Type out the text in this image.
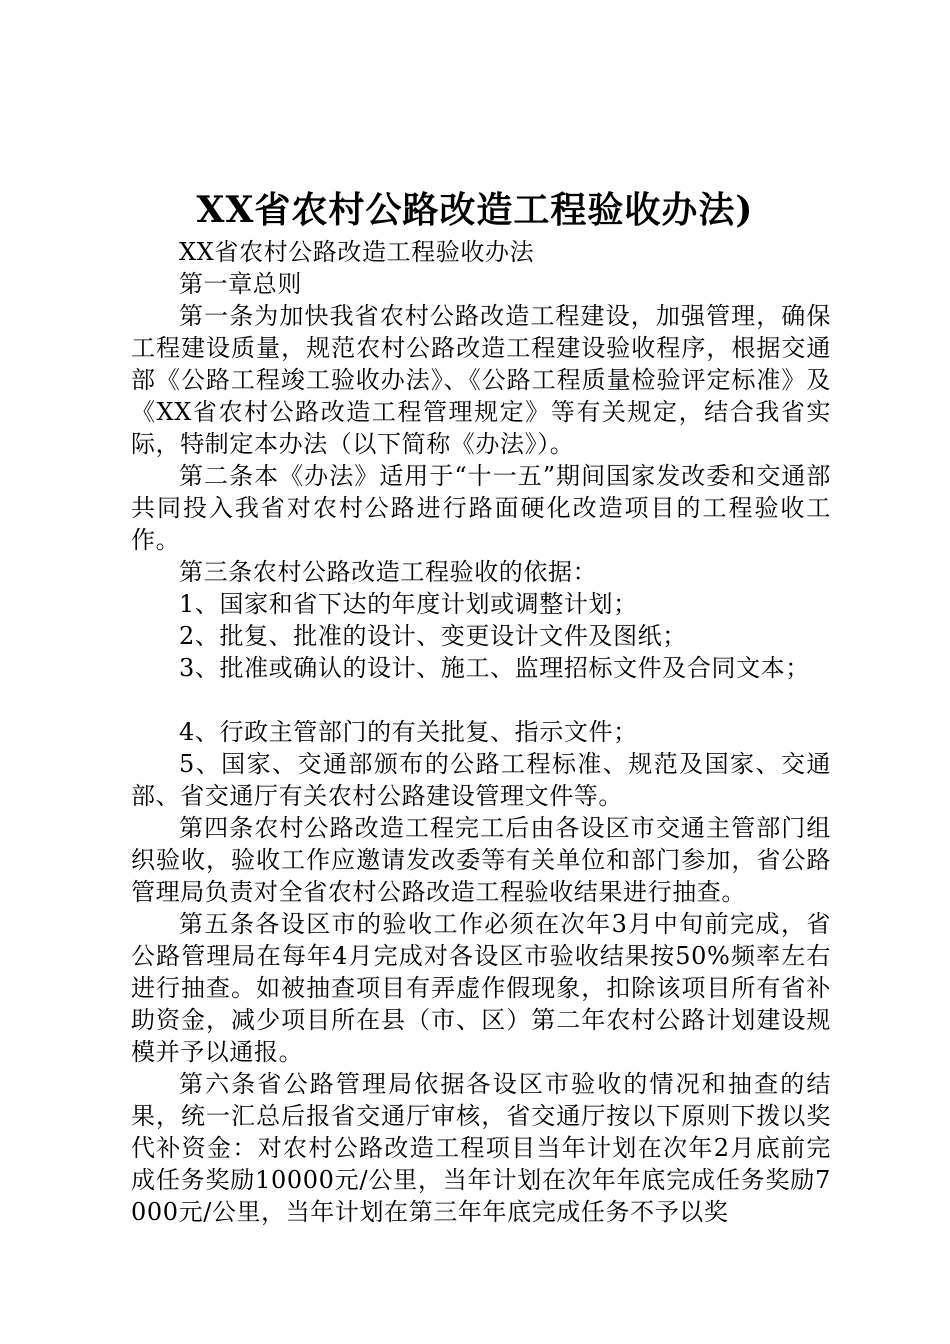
XX省农村公路改造工程验收办法)

XX省农村公路改造工程验收办法

第一章总则

第一条为加快我省农村公路改造工程建设，加强管理，确保工程建设质量，规范农村公路改造工程建设验收程序，根据交通部《公路工程竣工验收办法》、《公路工程质量检验评定标准》及《XX省农村公路改造工程管理规定》等有关规定，结合我省实际，特制定本办法（以下简称《办法》）。

第二条本《办法》适用于“十一五”期间国家发改委和交通部共同投入我省对农村公路进行路面硬化改造项目的工程验收工作。

第三条农村公路改造工程验收的依据：

1、国家和省下达的年度计划或调整计划；

2、批复、批准的设计、变更设计文件及图纸；

3、批准或确认的设计、施工、监理招标文件及合同文本；

4、行政主管部门的有关批复、指示文件；

5、国家、交通部颁布的公路工程标准、规范及国家、交通部、省交通厅有关农村公路建设管理文件等。

第四条农村公路改造工程完工后由各设区市交通主管部门组织验收，验收工作应邀请发改委等有关单位和部门参加，省公路管理局负责对全省农村公路改造工程验收结果进行抽查。

第五条各设区市的验收工作必须在次年3月中旬前完成，省公路管理局在每年4月完成对各设区市验收结果按50%频率左右进行抽查。如被抽查项目有弄虚作假现象，扣除该项目所有省补助资金，减少项目所在县（市、区）第二年农村公路计划建设规模并予以通报。

第六条省公路管理局依据各设区市验收的情况和抽查的结果，统一汇总后报省交通厅审核，省交通厅按以下原则下拨以奖代补资金：对农村公路改造工程项目当年计划在次年2月底前完成任务奖励10000元/公里，当年计划在次年年底完成任务奖励7000元/公里，当年计划在第三年年底完成任务不予以奖
